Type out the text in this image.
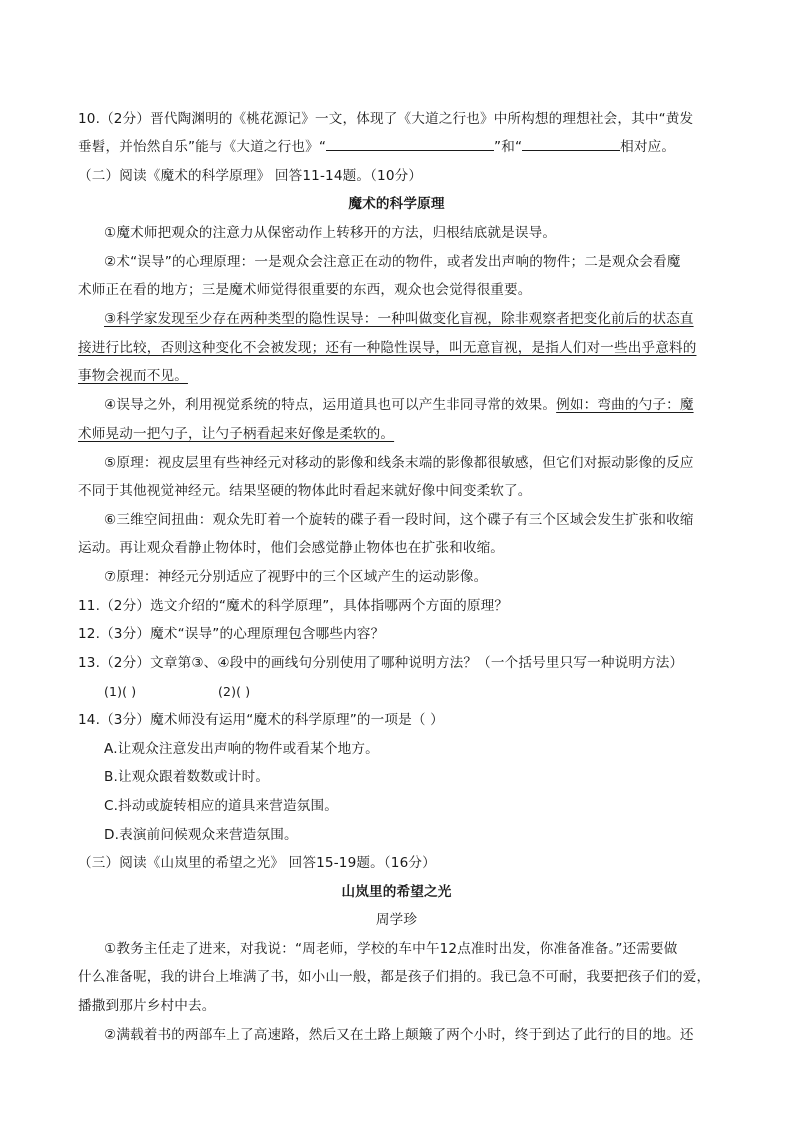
10.（2分）晋代陶渊明的《桃花源记》一文，体现了《大道之行也》中所构想的理想社会，其中“黄发
垂髫，并怡然自乐”能与《大道之行也》“	”和“	相对应。
（二）阅读《魔术的科学原理》 回答11-14题。（10分）
魔术的科学原理
①魔术师把观众的注意力从保密动作上转移开的方法，归根结底就是误导。
②术“误导”的心理原理：一是观众会注意正在动的物件，或者发出声响的物件；二是观众会看魔
术师正在看的地方；三是魔术师觉得很重要的东西，观众也会觉得很重要。
③科学家发现至少存在两种类型的隐性误导：一种叫做变化盲视，除非观察者把变化前后的状态直
接进行比较，否则这种变化不会被发现；还有一种隐性误导，叫无意盲视，是指人们对一些出乎意料的
事物会视而不见。
④误导之外，利用视觉系统的特点，运用道具也可以产生非同寻常的效果。例如：弯曲的勺子：魔
术师晃动一把勺子，让勺子柄看起来好像是柔软的。
⑤原理：视皮层里有些神经元对移动的影像和线条末端的影像都很敏感，但它们对振动影像的反应
不同于其他视觉神经元。结果坚硬的物体此时看起来就好像中间变柔软了。
⑥三维空间扭曲：观众先盯着一个旋转的碟子看一段时间，这个碟子有三个区域会发生扩张和收缩
运动。再让观众看静止物体时，他们会感觉静止物体也在扩张和收缩。
⑦原理：神经元分别适应了视野中的三个区域产生的运动影像。
11.（2分）选文介绍的“魔术的科学原理”，具体指哪两个方面的原理？
12.（3分）魔术“误导”的心理原理包含哪些内容？
13.（2分）文章第③、④段中的画线句分别使用了哪种说明方法？（一个括号里只写一种说明方法）
(1)( )	(2)( )
14.（3分）魔术师没有运用“魔术的科学原理”的一项是（ ）
A.让观众注意发出声响的物件或看某个地方。
B.让观众跟着数数或计时。
C.抖动或旋转相应的道具来营造氛围。
D.表演前问候观众来营造氛围。
（三）阅读《山岚里的希望之光》 回答15-19题。（16分）
山岚里的希望之光
周学珍
①教务主任走了进来，对我说：“周老师，学校的车中午12点准时出发，你准备准备。”还需要做
什么准备呢，我的讲台上堆满了书，如小山一般，都是孩子们捐的。我已急不可耐，我要把孩子们的爱，
播撒到那片乡村中去。
②满载着书的两部车上了高速路，然后又在土路上颠簸了两个小时，终于到达了此行的目的地。还
